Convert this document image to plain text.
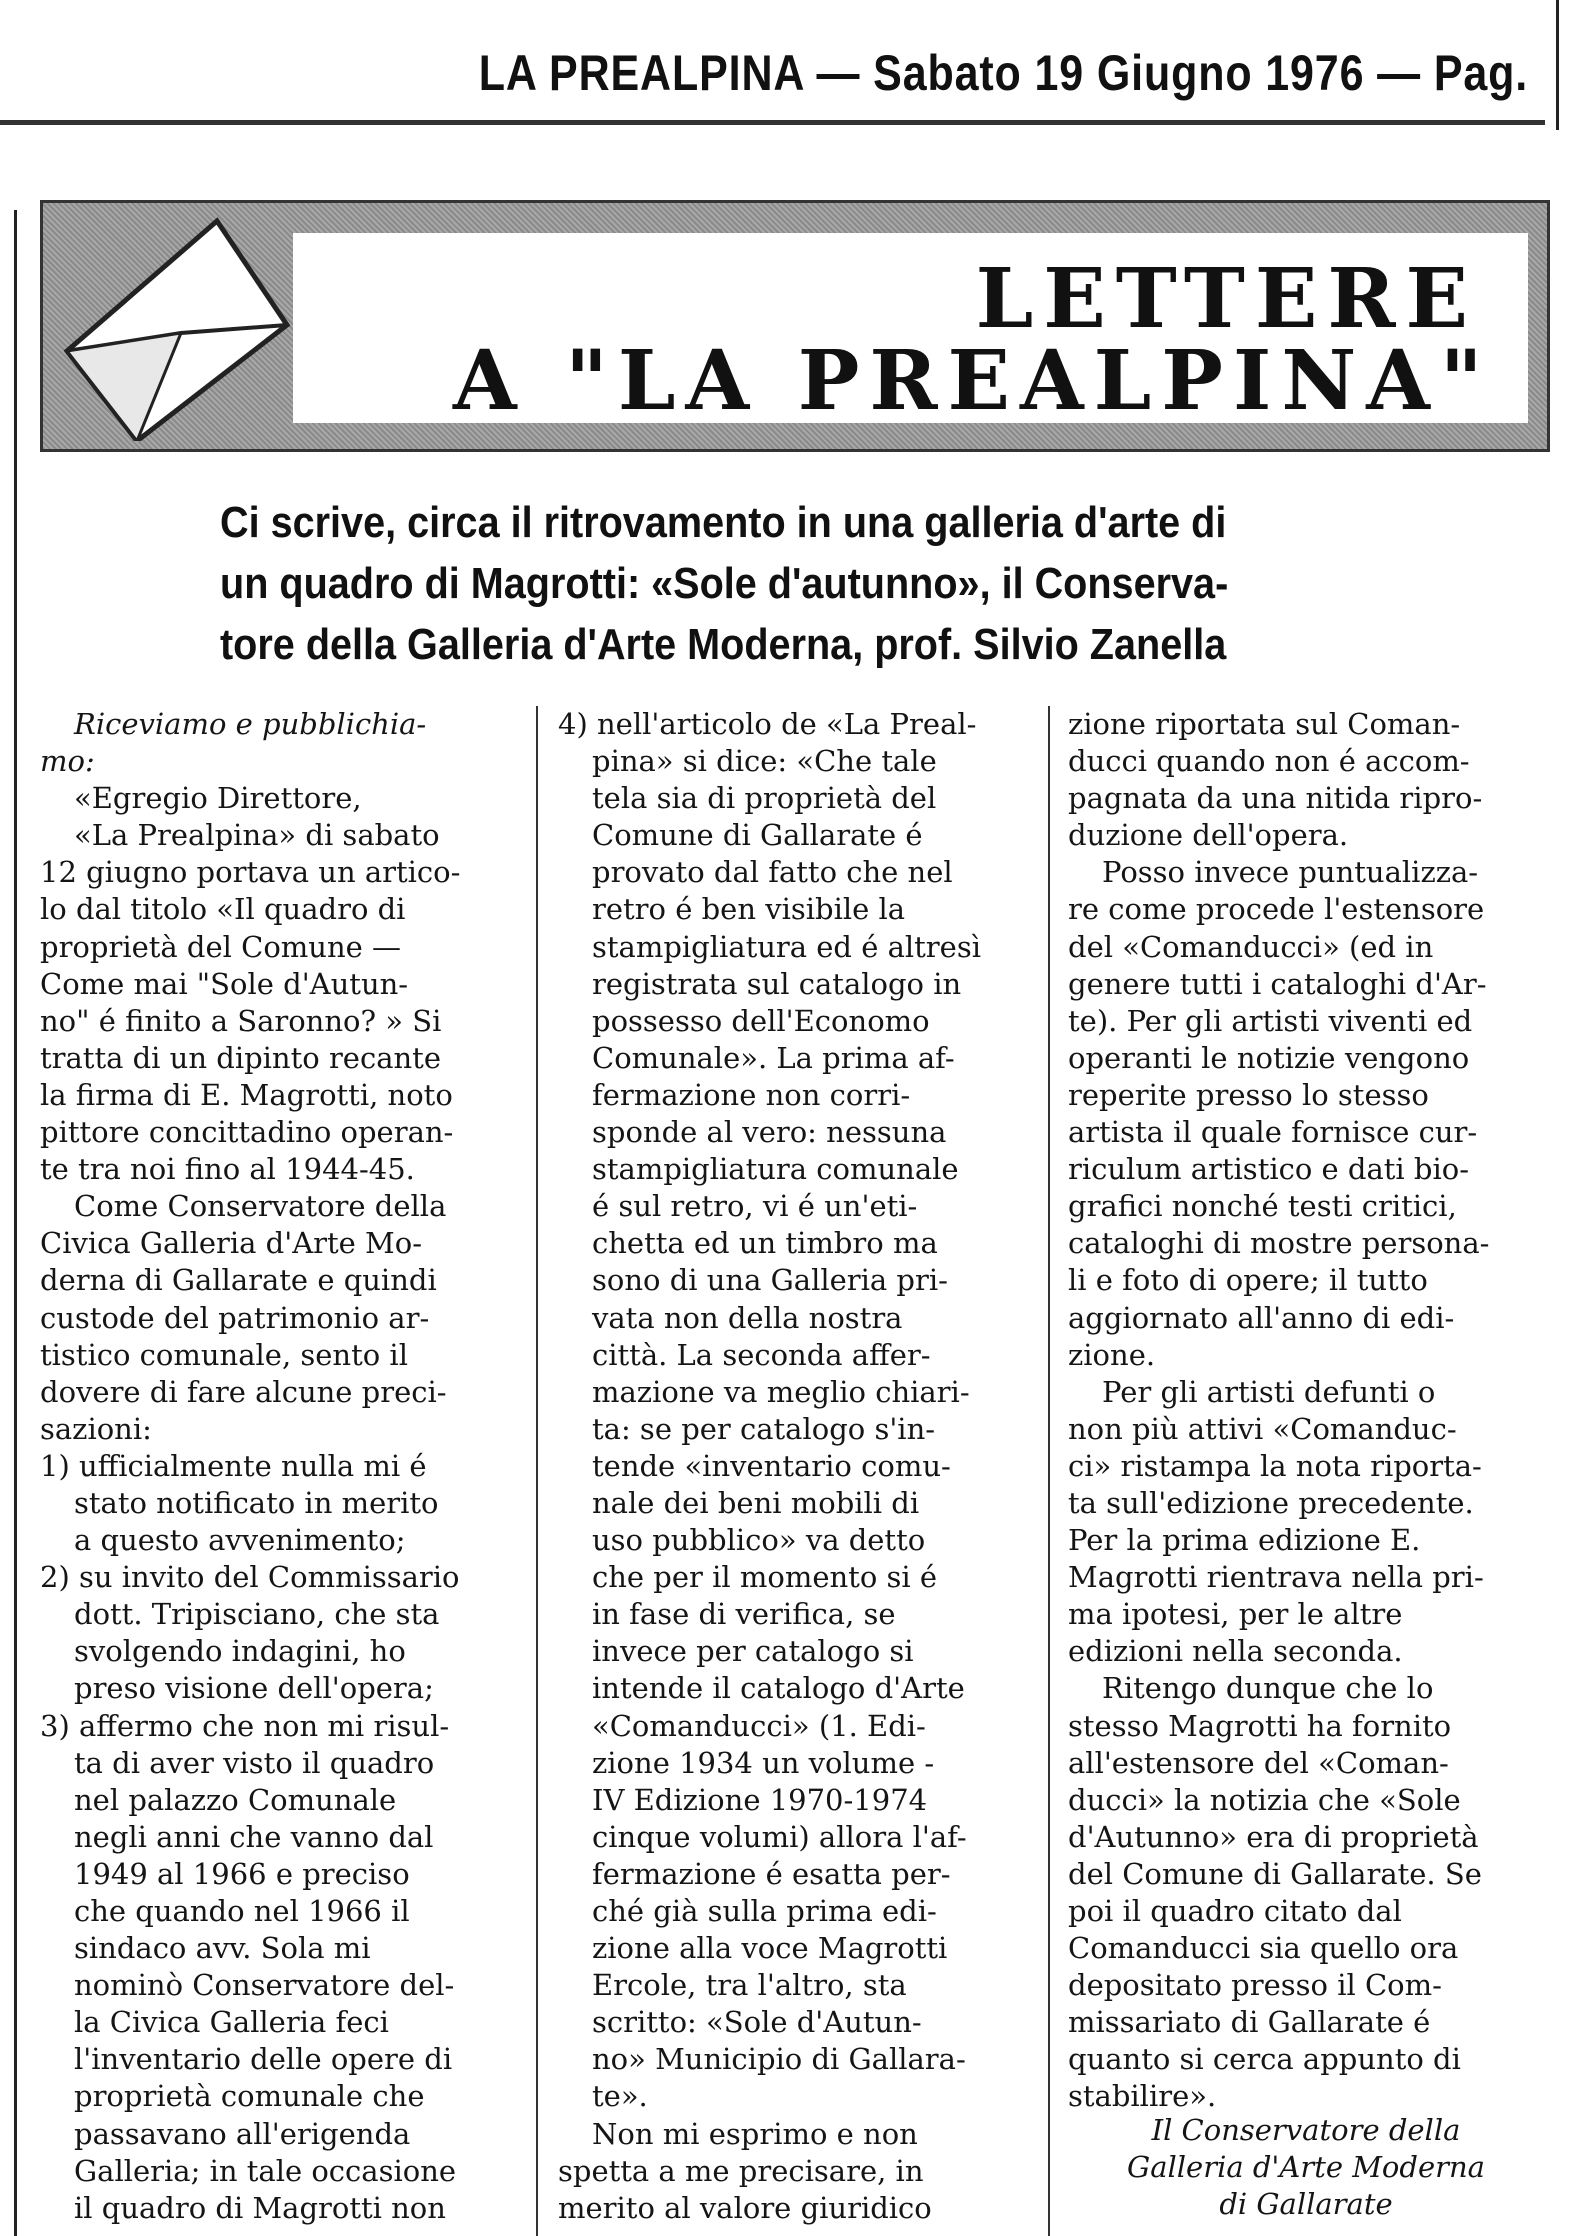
LA PREALPINA — Sabato 19 Giugno 1976 — Pag.
LETTERE
A "LA PREALPINA"
Ci scrive, circa il ritrovamento in una galleria d'arte di
un quadro di Magrotti: «Sole d'autunno», il Conserva-
tore della Galleria d'Arte Moderna, prof. Silvio Zanella
Riceviamo e pubblichia-
mo:
«Egregio Direttore,
«La Prealpina» di sabato
12 giugno portava un artico-
lo dal titolo «Il quadro di
proprietà del Comune —
Come mai "Sole d'Autun-
no" é finito a Saronno? » Si
tratta di un dipinto recante
la firma di E. Magrotti, noto
pittore concittadino operan-
te tra noi fino al 1944-45.
Come Conservatore della
Civica Galleria d'Arte Mo-
derna di Gallarate e quindi
custode del patrimonio ar-
tistico comunale, sento il
dovere di fare alcune preci-
sazioni:
1) ufficialmente nulla mi é
stato notificato in merito
a questo avvenimento;
2) su invito del Commissario
dott. Tripisciano, che sta
svolgendo indagini, ho
preso visione dell'opera;
3) affermo che non mi risul-
ta di aver visto il quadro
nel palazzo Comunale
negli anni che vanno dal
1949 al 1966 e preciso
che quando nel 1966 il
sindaco avv. Sola mi
nominò Conservatore del-
la Civica Galleria feci
l'inventario delle opere di
proprietà comunale che
passavano all'erigenda
Galleria; in tale occasione
il quadro di Magrotti non
4) nell'articolo de «La Preal-
pina» si dice: «Che tale
tela sia di proprietà del
Comune di Gallarate é
provato dal fatto che nel
retro é ben visibile la
stampigliatura ed é altresì
registrata sul catalogo in
possesso dell'Economo
Comunale». La prima af-
fermazione non corri-
sponde al vero: nessuna
stampigliatura comunale
é sul retro, vi é un'eti-
chetta ed un timbro ma
sono di una Galleria pri-
vata non della nostra
città. La seconda affer-
mazione va meglio chiari-
ta: se per catalogo s'in-
tende «inventario comu-
nale dei beni mobili di
uso pubblico» va detto
che per il momento si é
in fase di verifica, se
invece per catalogo si
intende il catalogo d'Arte
«Comanducci» (1. Edi-
zione 1934 un volume -
IV Edizione 1970-1974
cinque volumi) allora l'af-
fermazione é esatta per-
ché già sulla prima edi-
zione alla voce Magrotti
Ercole, tra l'altro, sta
scritto: «Sole d'Autun-
no» Municipio di Gallara-
te».
Non mi esprimo e non
spetta a me precisare, in
merito al valore giuridico
zione riportata sul Coman-
ducci quando non é accom-
pagnata da una nitida ripro-
duzione dell'opera.
Posso invece puntualizza-
re come procede l'estensore
del «Comanducci» (ed in
genere tutti i cataloghi d'Ar-
te). Per gli artisti viventi ed
operanti le notizie vengono
reperite presso lo stesso
artista il quale fornisce cur-
riculum artistico e dati bio-
grafici nonché testi critici,
cataloghi di mostre persona-
li e foto di opere; il tutto
aggiornato all'anno di edi-
zione.
Per gli artisti defunti o
non più attivi «Comanduc-
ci» ristampa la nota riporta-
ta sull'edizione precedente.
Per la prima edizione E.
Magrotti rientrava nella pri-
ma ipotesi, per le altre
edizioni nella seconda.
Ritengo dunque che lo
stesso Magrotti ha fornito
all'estensore del «Coman-
ducci» la notizia che «Sole
d'Autunno» era di proprietà
del Comune di Gallarate. Se
poi il quadro citato dal
Comanducci sia quello ora
depositato presso il Com-
missariato di Gallarate é
quanto si cerca appunto di
stabilire».
Il Conservatore della
Galleria d'Arte Moderna
di Gallarate
